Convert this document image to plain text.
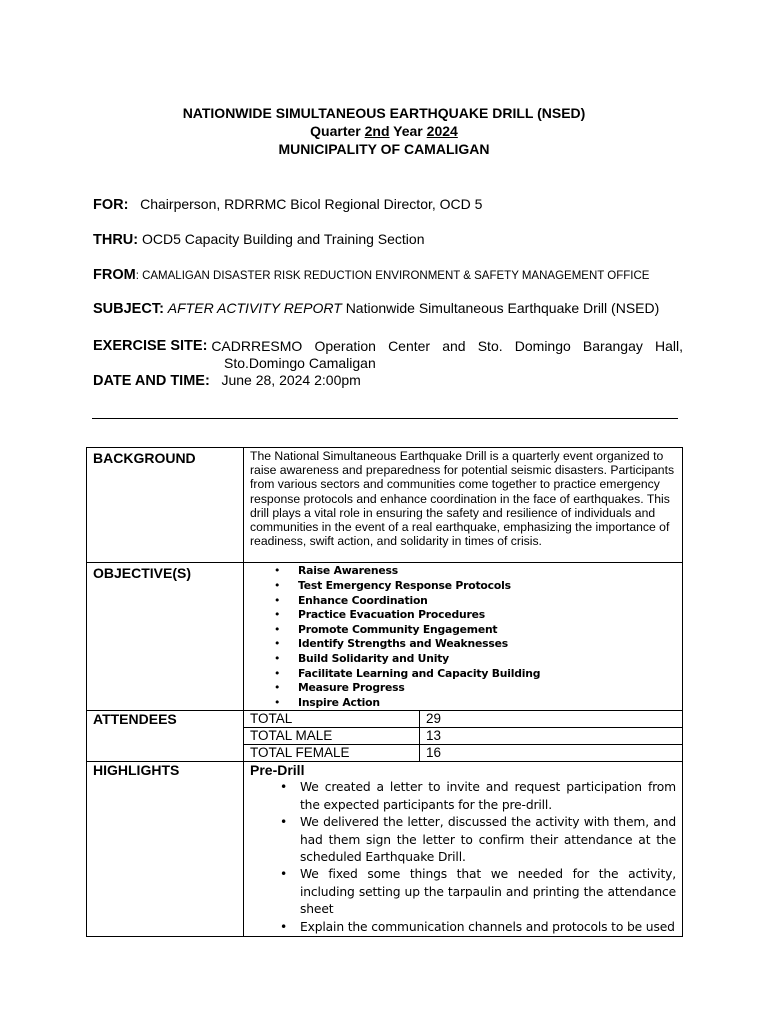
NATIONWIDE SIMULTANEOUS EARTHQUAKE DRILL (NSED)
Quarter 2nd Year 2024
MUNICIPALITY OF CAMALIGAN
FOR: Chairperson, RDRRMC Bicol Regional Director, OCD 5
THRU: OCD5 Capacity Building and Training Section
FROM: CAMALIGAN DISASTER RISK REDUCTION ENVIRONMENT & SAFETY MANAGEMENT OFFICE
SUBJECT: AFTER ACTIVITY REPORT Nationwide Simultaneous Earthquake Drill (NSED)
EXERCISE SITE:
CADRRESMO Operation Center and Sto. Domingo Barangay Hall,
Sto.Domingo Camaligan
DATE AND TIME: June 28, 2024 2:00pm
BACKGROUND	The National Simultaneous Earthquake Drill is a quarterly event organized to raise awareness and preparedness for potential seismic disasters. Participants from various sectors and communities come together to practice emergency response protocols and enhance coordination in the face of earthquakes. This drill plays a vital role in ensuring the safety and resilience of individuals and communities in the event of a real earthquake, emphasizing the importance of readiness, swift action, and solidarity in times of crisis.
OBJECTIVE(S)	
•Raise Awareness
• Test Emergency Response Protocols
• Enhance Coordination
• Practice Evacuation Procedures
• Promote Community Engagement
• Identify Strengths and Weaknesses
• Build Solidarity and Unity
• Facilitate Learning and Capacity Building
• Measure Progress
• Inspire Action

ATTENDEES		TOTAL	29
TOTAL MALE	13
TOTAL FEMALE	16

HIGHLIGHTS	Pre-Drill
• We created a letter to invite and request participation from the expected participants for the pre-drill.
• We delivered the letter, discussed the activity with them, and had them sign the letter to confirm their attendance at the scheduled Earthquake Drill.
• We fixed some things that we needed for the activity, including setting up the tarpaulin and printing the attendance sheet
• Explain the communication channels and protocols to be used
